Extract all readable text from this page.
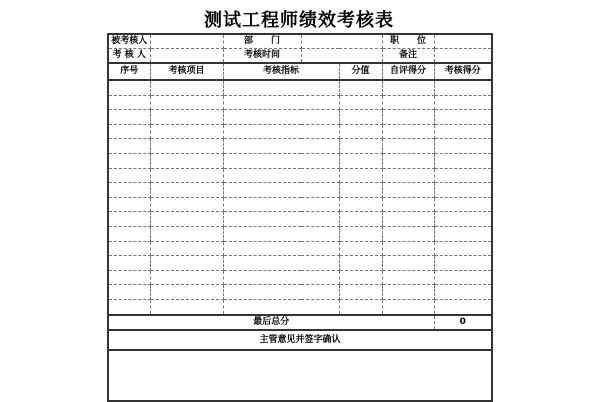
测试工程师绩效考核表
被考核人		部　　门			职　　位	
考 核 人		考核时间			备注	
序号	考核项目	考核指标		分值	自评得分	考核得分

最后总分						0
主管意见并签字确认						
